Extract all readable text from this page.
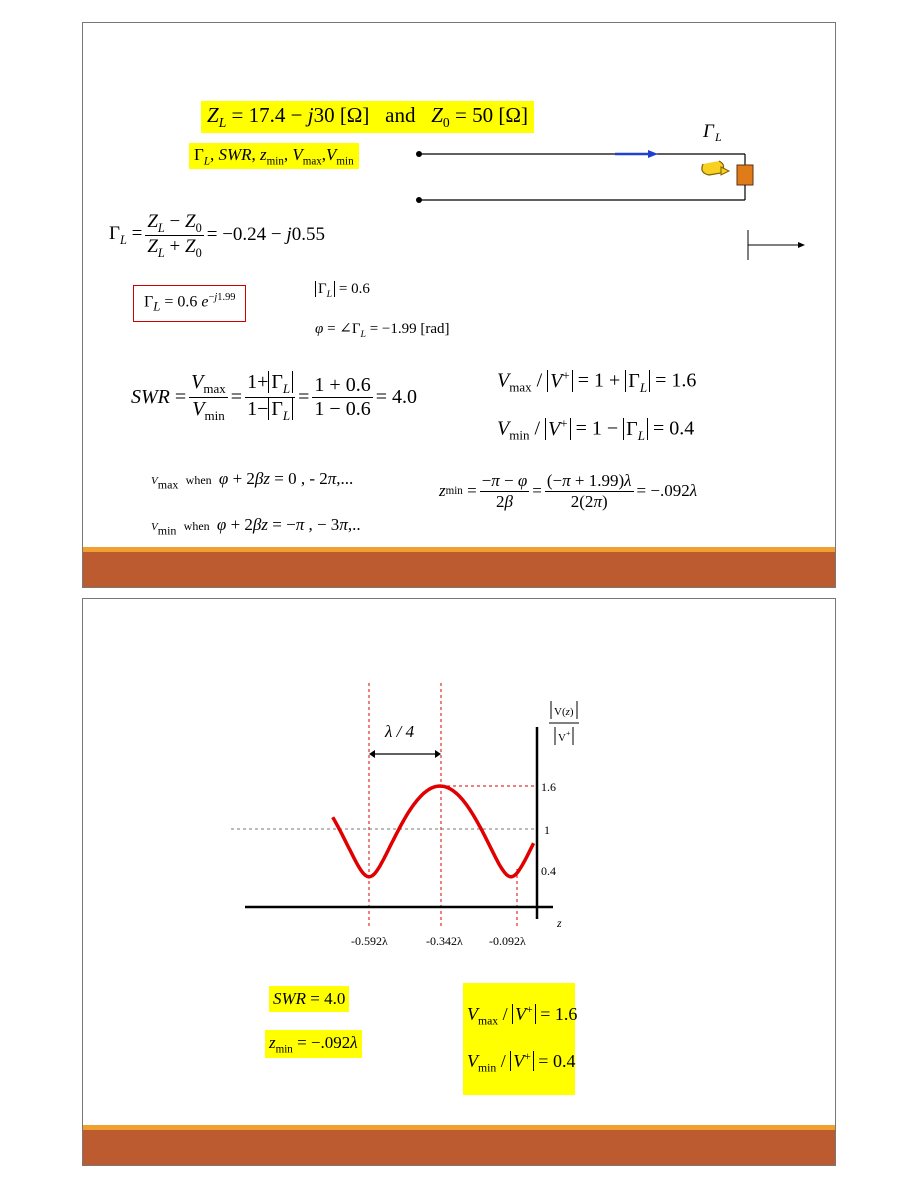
$Z_L = 17.4 - j30$ [Ω]   and   $Z_0 = 50$ [Ω]
$\Gamma_L$, SWR, $z_{min}$, $V_{max},V_{min}$
Γ L
$\Gamma_L = \frac{Z_L - Z_0}{Z_L + Z_0} = -0.24 - j0.55$
$\Gamma_L = 0.6$ $e^{-j1.99}$
$\Gamma_L = 0.6$
$\varphi = \angle\Gamma_L = -1.99$ [rad]
SWR = $\frac{V_{max}}{V_{min}} = \frac{1+ \Gamma_L}{1- \Gamma_L} = \frac{1 + 0.6}{1 - 0.6} = 4.0$
$V_{max} / V^+ = 1 + \Gamma_L = 1.6$
$V_{min} / V^+ = 1 - \Gamma_L = 0.4$
$V_{max}$  when  φ + 2βz = 0 , - 2π,...
$V_{min}$  when  φ + 2βz = −π , − 3π,..
z $\min = \frac{-\pi - \varphi}{2\beta} = \frac{(-\pi + 1.99)\lambda}{2(2\pi)} = -.092$ λ
λ / 4
1.6
1
0.4
-0.592λ	-0.342λ -0.092λ
z
V(z)
V+
SWR = 4.0
$z_{min} = -.092\lambda$
$V_{max} / V^+ = 1.6$
$V_{min} / V^+ = 0.4$
